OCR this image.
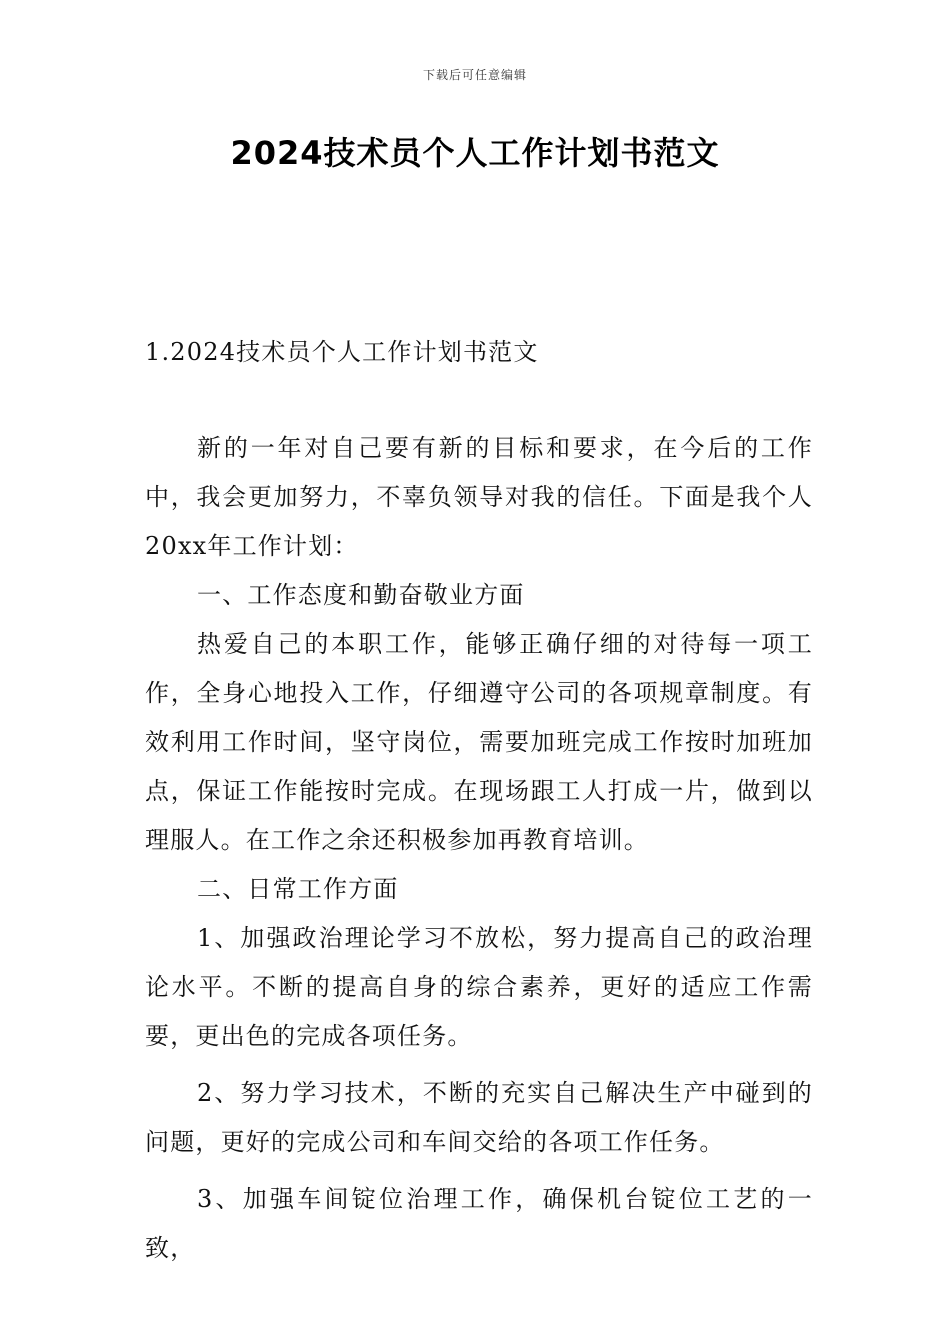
下载后可任意编辑
2024技术员个人工作计划书范文
1.2024技术员个人工作计划书范文

新的一年对自己要有新的目标和要求，在今后的工作中，我会更加努力，不辜负领导对我的信任。下面是我个人20xx年工作计划：

一、工作态度和勤奋敬业方面

热爱自己的本职工作，能够正确仔细的对待每一项工作，全身心地投入工作，仔细遵守公司的各项规章制度。有效利用工作时间，坚守岗位，需要加班完成工作按时加班加点，保证工作能按时完成。在现场跟工人打成一片，做到以理服人。在工作之余还积极参加再教育培训。

二、日常工作方面

1、加强政治理论学习不放松，努力提高自己的政治理论水平。不断的提高自身的综合素养，更好的适应工作需要，更出色的完成各项任务。

2、努力学习技术，不断的充实自己解决生产中碰到的问题，更好的完成公司和车间交给的各项工作任务。

3、加强车间锭位治理工作，确保机台锭位工艺的一致，
